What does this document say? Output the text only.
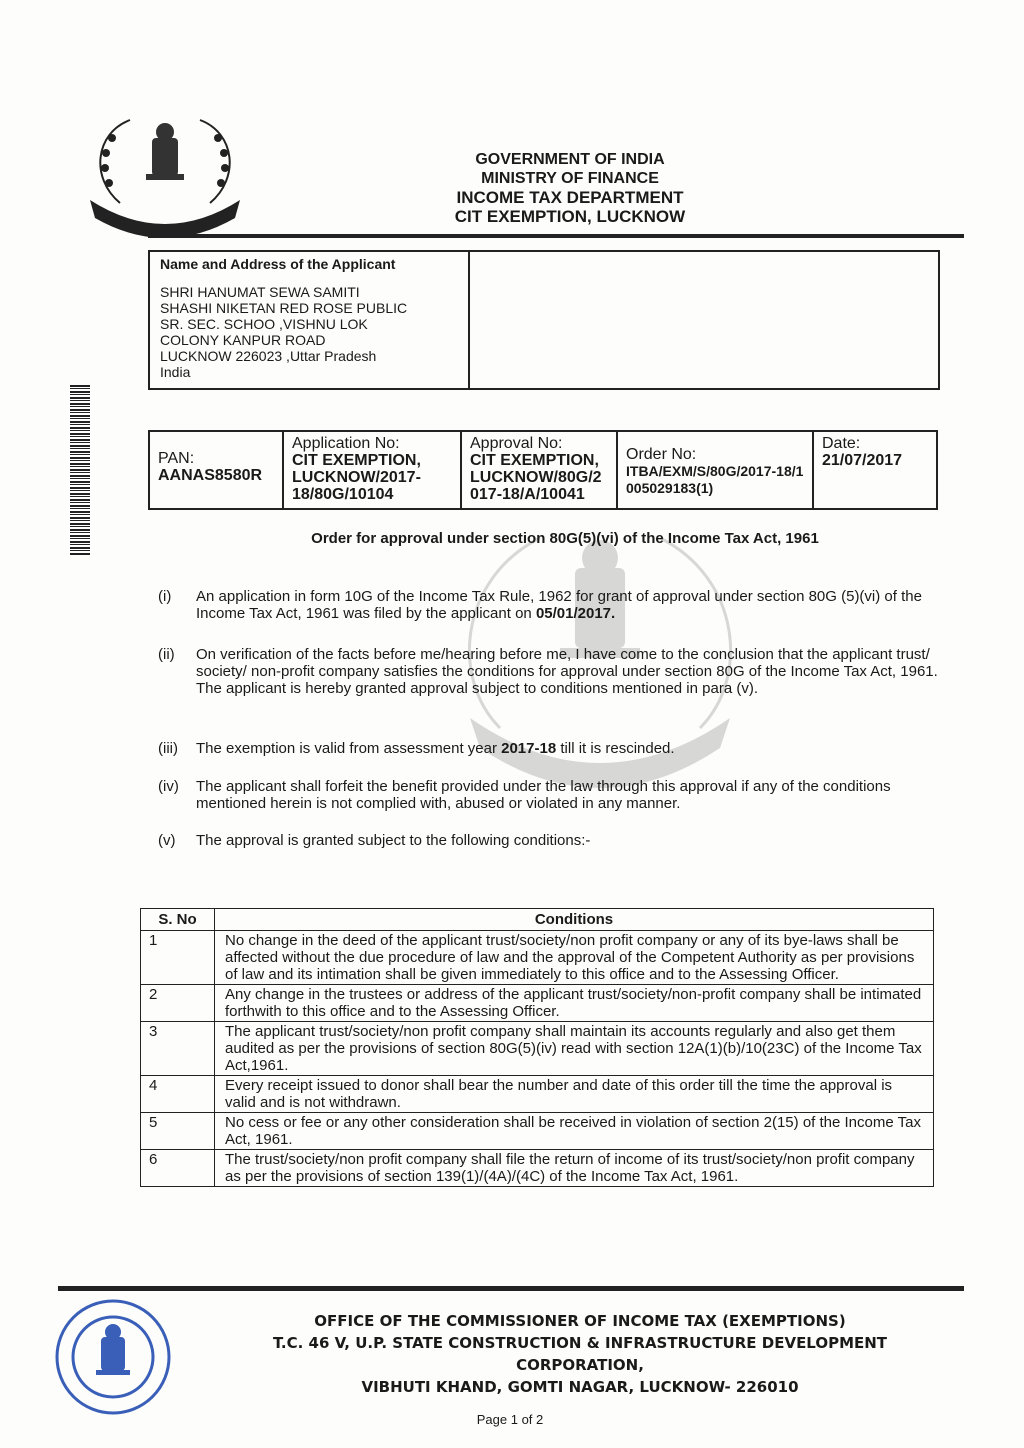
GOVERNMENT OF INDIA
MINISTRY OF FINANCE
INCOME TAX DEPARTMENT
CIT EXEMPTION, LUCKNOW
Name and Address of the Applicant
SHRI HANUMAT SEWA SAMITI
SHASHI NIKETAN RED ROSE PUBLIC
SR. SEC. SCHOO ,VISHNU LOK
COLONY KANPUR ROAD
LUCKNOW 226023 ,Uttar Pradesh
India
PAN:
AANAS8580R
Application No:
CIT EXEMPTION, LUCKNOW/2017-18/80G/10104
Approval No:
CIT EXEMPTION, LUCKNOW/80G/2017-18/A/10041
Order No:
ITBA/EXM/S/80G/2017-18/1005029183(1)
Date:
21/07/2017
Order for approval under section 80G(5)(vi) of the Income Tax Act, 1961
(i)	An application in form 10G of the Income Tax Rule, 1962 for grant of approval under section 80G (5)(vi) of the Income Tax Act, 1961 was filed by the applicant on 05/01/2017.
(ii)	On verification of the facts before me/hearing before me, I have come to the conclusion that the applicant trust/ society/ non-profit company satisfies the conditions for approval under section 80G of the Income Tax Act, 1961. The applicant is hereby granted approval subject to conditions mentioned in para (v).
(iii)	The exemption is valid from assessment year 2017-18 till it is rescinded.
(iv)	The applicant shall forfeit the benefit provided under the law through this approval if any of the conditions mentioned herein is not complied with, abused or violated in any manner.
(v)	The approval is granted subject to the following conditions:-
S. No	Conditions
1	No change in the deed of the applicant trust/society/non profit company or any of its bye-laws shall be affected without the due procedure of law and the approval of the Competent Authority as per provisions of law and its intimation shall be given immediately to this office and to the Assessing Officer.
2	Any change in the trustees or address of the applicant trust/society/non-profit company shall be intimated forthwith to this office and to the Assessing Officer.
3	The applicant trust/society/non profit company shall maintain its accounts regularly and also get them audited as per the provisions of section 80G(5)(iv) read with section 12A(1)(b)/10(23C) of the Income Tax Act,1961.
4	Every receipt issued to donor shall bear the number and date of this order till the time the approval is valid and is not withdrawn.
5	No cess or fee or any other consideration shall be received in violation of section 2(15) of the Income Tax Act, 1961.
6	The trust/society/non profit company shall file the return of income of its trust/society/non profit company as per the provisions of section 139(1)/(4A)/(4C) of the Income Tax Act, 1961.
OFFICE OF THE COMMISSIONER OF INCOME TAX (EXEMPTIONS)
T.C. 46 V, U.P. STATE CONSTRUCTION & INFRASTRUCTURE DEVELOPMENT CORPORATION,
VIBHUTI KHAND, GOMTI NAGAR, LUCKNOW- 226010
Page 1 of 2
